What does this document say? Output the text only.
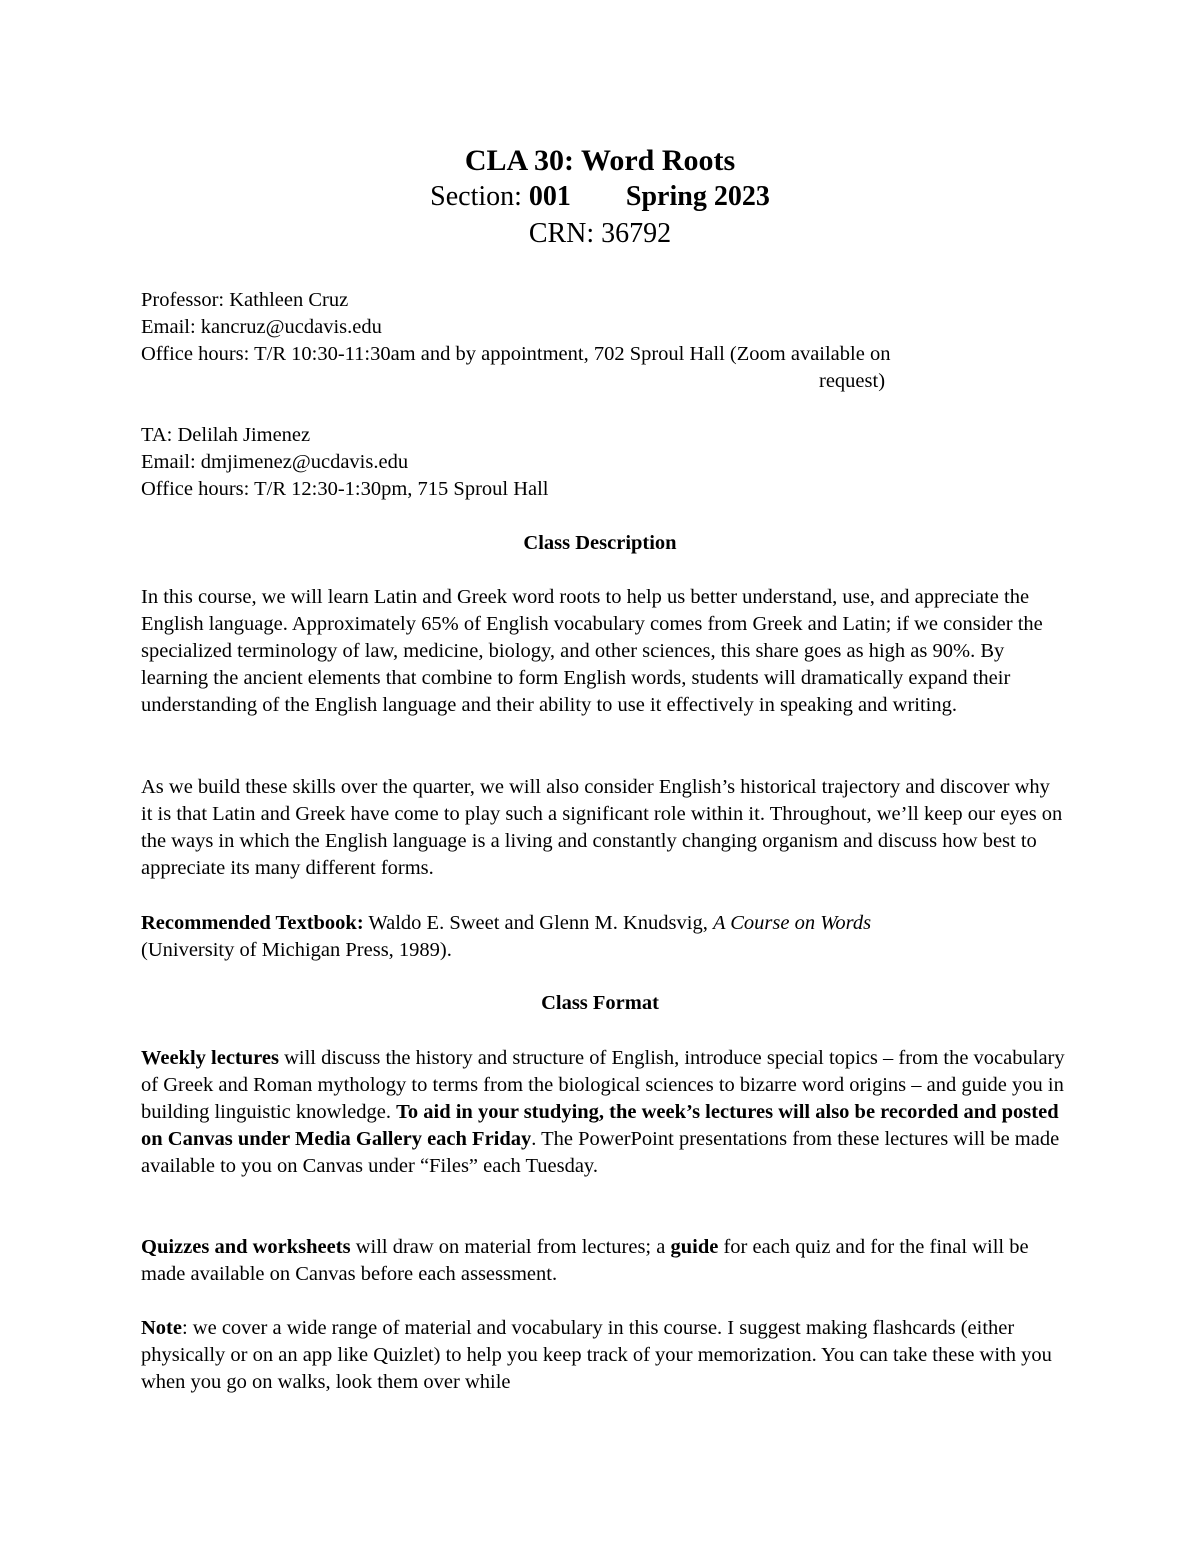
CLA 30: Word Roots
Section: 001 Spring 2023
CRN: 36792

Professor: Kathleen Cruz

Email: kancruz@ucdavis.edu

Office hours: T/R 10:30-11:30am and by appointment, 702 Sproul Hall (Zoom available on

request)

TA: Delilah Jimenez

Email: dmjimenez@ucdavis.edu

Office hours: T/R 12:30-1:30pm, 715 Sproul Hall

Class Description
In this course, we will learn Latin and Greek word roots to help us better understand, use, and appreciate the English language. Approximately 65% of English vocabulary comes from Greek and Latin; if we consider the specialized terminology of law, medicine, biology, and other sciences, this share goes as high as 90%. By learning the ancient elements that combine to form English words, students will dramatically expand their understanding of the English language and their ability to use it effectively in speaking and writing.
As we build these skills over the quarter, we will also consider English’s historical trajectory and discover why it is that Latin and Greek have come to play such a significant role within it. Throughout, we’ll keep our eyes on the ways in which the English language is a living and constantly changing organism and discuss how best to appreciate its many different forms.
Recommended Textbook: Waldo E. Sweet and Glenn M. Knudsvig, A Course on Words
(University of Michigan Press, 1989).
Class Format
Weekly lectures will discuss the history and structure of English, introduce special topics – from the vocabulary of Greek and Roman mythology to terms from the biological sciences to bizarre word origins – and guide you in building linguistic knowledge. To aid in your studying, the week’s lectures will also be recorded and posted on Canvas under Media Gallery each Friday. The PowerPoint presentations from these lectures will be made available to you on Canvas under “Files” each Tuesday.
Quizzes and worksheets will draw on material from lectures; a guide for each quiz and for the final will be made available on Canvas before each assessment.
Note: we cover a wide range of material and vocabulary in this course. I suggest making flashcards (either physically or on an app like Quizlet) to help you keep track of your memorization. You can take these with you when you go on walks, look them over while
